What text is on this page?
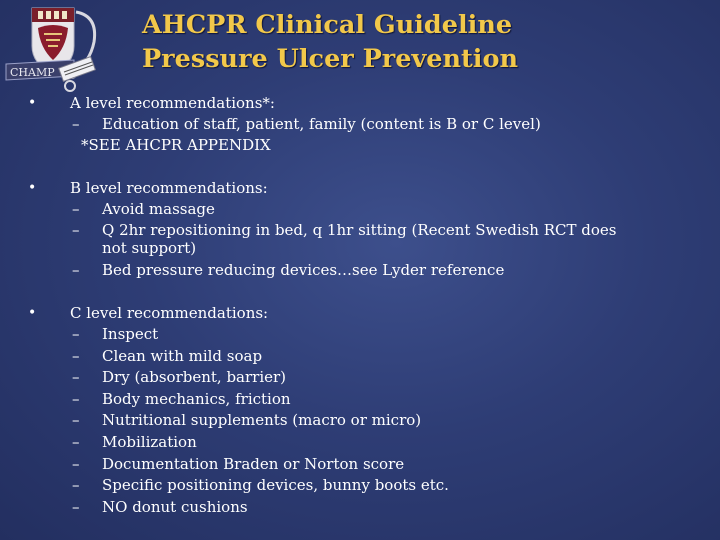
CHAMP
AHCPR Clinical Guideline
Pressure Ulcer Prevention
• A level recommendations*:
– Education of staff, patient, family (content is B or C level)
*SEE AHCPR APPENDIX
• B level recommendations:
– Avoid massage
– Q 2hr repositioning in bed, q 1hr sitting (Recent Swedish RCT does
not support)
– Bed pressure reducing devices…see Lyder reference
• C level recommendations:
– Inspect
– Clean with mild soap
– Dry (absorbent, barrier)
– Body mechanics, friction
– Nutritional supplements (macro or micro)
– Mobilization
– Documentation Braden or Norton score
– Specific positioning devices, bunny boots etc.
– NO donut cushions
